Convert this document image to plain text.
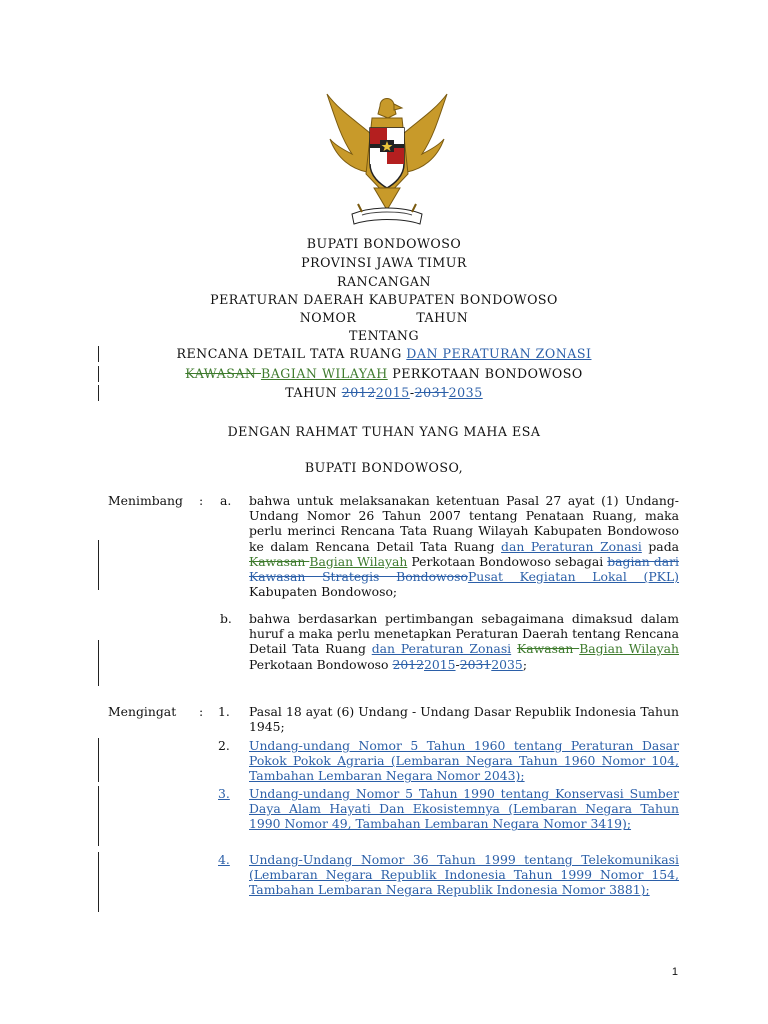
BUPATI BONDOWOSO
PROVINSI JAWA TIMUR
RANCANGAN
PERATURAN DAERAH KABUPATEN BONDOWOSO
NOMOR	TAHUN
TENTANG
RENCANA DETAIL TATA RUANG DAN PERATURAN ZONASI
KAWASAN BAGIAN WILAYAH PERKOTAAN BONDOWOSO
TAHUN 20122015-20312035
DENGAN RAHMAT TUHAN YANG MAHA ESA
BUPATI BONDOWOSO,
Menimbang : a. bahwa untuk melaksanakan ketentuan Pasal 27 ayat (1) Undang-Undang Nomor 26 Tahun 2007 tentang Penataan Ruang, maka perlu merinci Rencana Tata Ruang Wilayah Kabupaten Bondowoso ke dalam Rencana Detail Tata Ruang dan Peraturan Zonasi pada Kawasan Bagian Wilayah Perkotaan Bondowoso sebagai bagian dari Kawasan Strategis BondowosoPusat Kegiatan Lokal (PKL) Kabupaten Bondowoso;
b. bahwa berdasarkan pertimbangan sebagaimana dimaksud dalam huruf a maka perlu menetapkan Peraturan Daerah tentang Rencana Detail Tata Ruang dan Peraturan Zonasi Kawasan Bagian Wilayah Perkotaan Bondowoso 20122015-20312035;
Mengingat : 1. Pasal 18 ayat (6) Undang - Undang Dasar Republik Indonesia Tahun 1945;
2. Undang-undang Nomor 5 Tahun 1960 tentang Peraturan Dasar Pokok Pokok Agraria (Lembaran Negara Tahun 1960 Nomor 104, Tambahan Lembaran Negara Nomor 2043);
3. Undang-undang Nomor 5 Tahun 1990 tentang Konservasi Sumber Daya Alam Hayati Dan Ekosistemnya (Lembaran Negara Tahun 1990 Nomor 49, Tambahan Lembaran Negara Nomor 3419);
4. Undang-Undang Nomor 36 Tahun 1999 tentang Telekomunikasi (Lembaran Negara Republik Indonesia Tahun 1999 Nomor 154, Tambahan Lembaran Negara Republik Indonesia Nomor 3881);
1
